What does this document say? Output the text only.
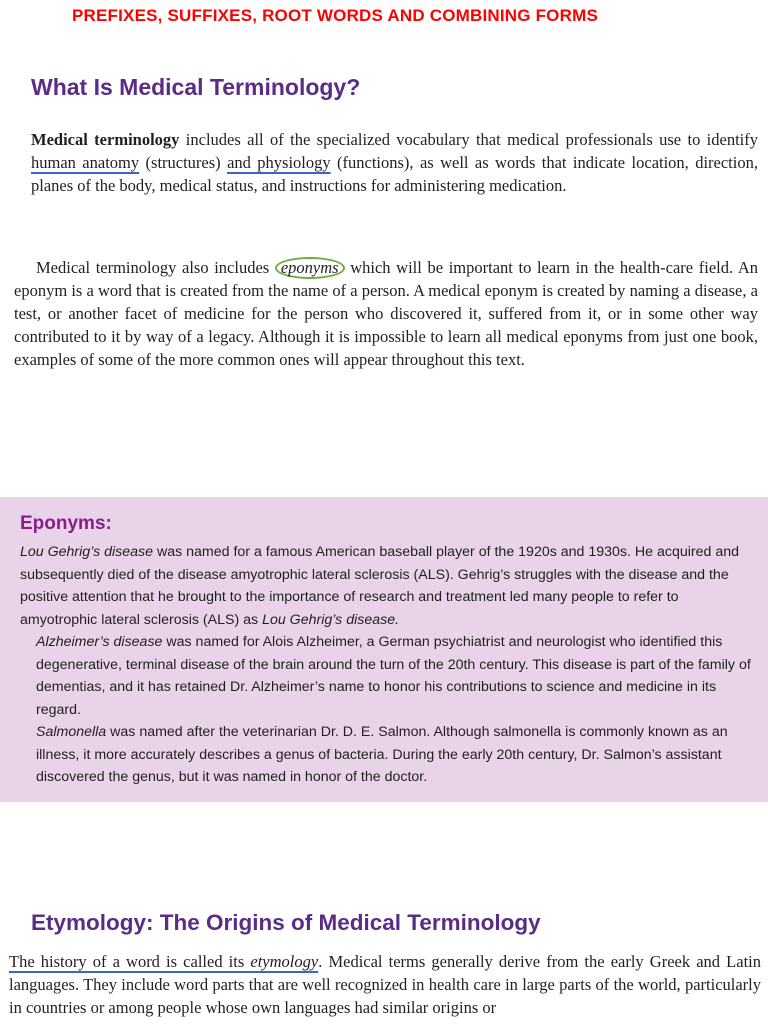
PREFIXES, SUFFIXES, ROOT WORDS AND COMBINING FORMS
What Is Medical Terminology?
Medical terminology includes all of the specialized vocabulary that medical professionals use to identify human anatomy (structures) and physiology (functions), as well as words that indicate location, direction, planes of the body, medical status, and instructions for administering medication.
Medical terminology also includes eponyms which will be important to learn in the health-care field. An eponym is a word that is created from the name of a person. A medical eponym is created by naming a disease, a test, or another facet of medicine for the person who discovered it, suffered from it, or in some other way contributed to it by way of a legacy. Although it is impossible to learn all medical eponyms from just one book, examples of some of the more common ones will appear throughout this text.
Eponyms:

Lou Gehrig’s disease was named for a famous American baseball player of the 1920s and 1930s. He acquired and subsequently died of the disease amyotrophic lateral sclerosis (ALS). Gehrig’s struggles with the disease and the positive attention that he brought to the importance of research and treatment led many people to refer to amyotrophic lateral sclerosis (ALS) as Lou Gehrig’s disease.

Alzheimer’s disease was named for Alois Alzheimer, a German psychiatrist and neurologist who identified this degenerative, terminal disease of the brain around the turn of the 20th century. This disease is part of the family of dementias, and it has retained Dr. Alzheimer’s name to honor his contributions to science and medicine in its regard.

Salmonella was named after the veterinarian Dr. D. E. Salmon. Although salmonella is commonly known as an illness, it more accurately describes a genus of bacteria. During the early 20th century, Dr. Salmon’s assistant discovered the genus, but it was named in honor of the doctor.

Etymology: The Origins of Medical Terminology
The history of a word is called its etymology. Medical terms generally derive from the early Greek and Latin languages. They include word parts that are well recognized in health care in large parts of the world, particularly in countries or among people whose own languages had similar origins or
